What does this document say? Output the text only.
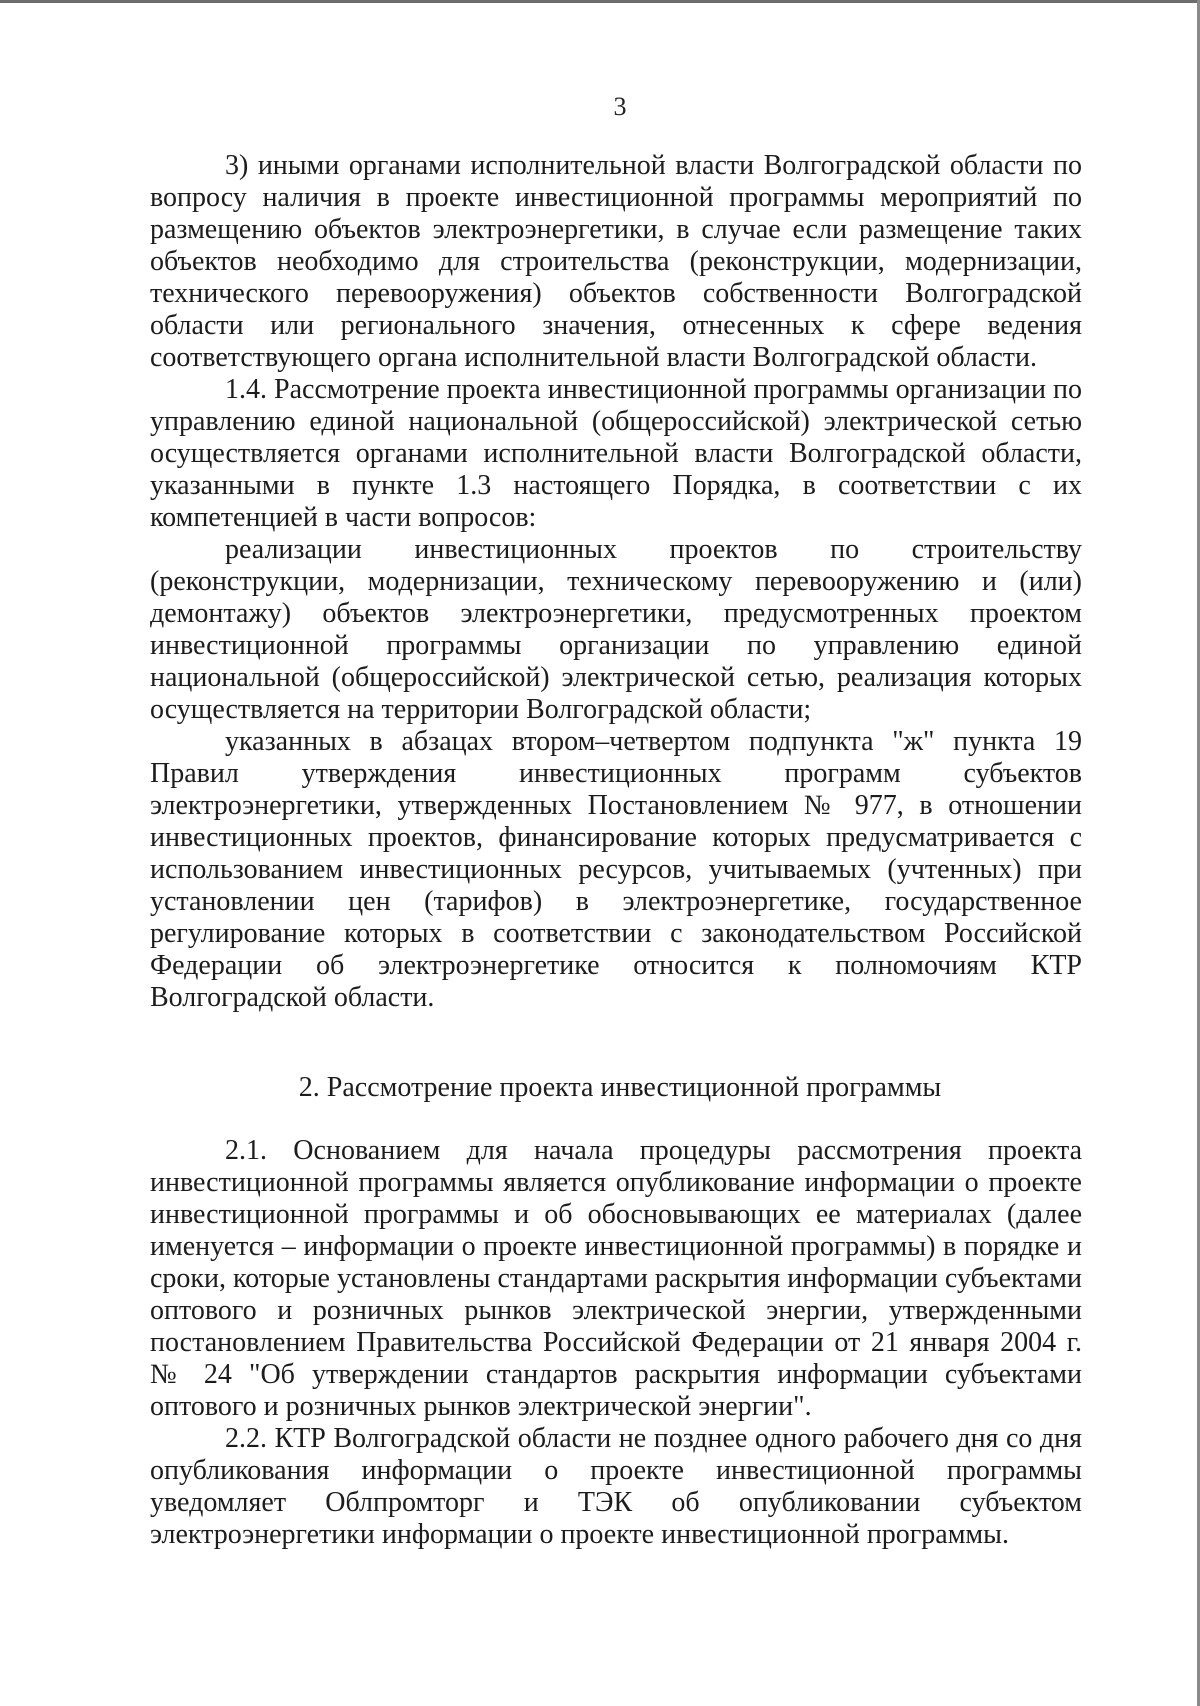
3

3) иными органами исполнительной власти Волгоградской области по вопросу наличия в проекте инвестиционной программы мероприятий по размещению объектов электроэнергетики, в случае если размещение таких объектов необходимо для строительства (реконструкции, модернизации, технического перевооружения) объектов собственности Волгоградской области или регионального значения, отнесенных к сфере ведения соответствующего органа исполнительной власти Волгоградской области.

1.4. Рассмотрение проекта инвестиционной программы организации по управлению единой национальной (общероссийской) электрической сетью осуществляется органами исполнительной власти Волгоградской области, указанными в пункте 1.3 настоящего Порядка, в соответствии с их компетенцией в части вопросов:

реализации инвестиционных проектов по строительству (реконструкции, модернизации, техническому перевооружению и (или) демонтажу) объектов электроэнергетики, предусмотренных проектом инвестиционной программы организации по управлению единой национальной (общероссийской) электрической сетью, реализация которых осуществляется на территории Волгоградской области;

указанных в абзацах втором–четвертом подпункта "ж" пункта 19 Правил утверждения инвестиционных программ субъектов электроэнергетики, утвержденных Постановлением № 977, в отношении инвестиционных проектов, финансирование которых предусматривается с использованием инвестиционных ресурсов, учитываемых (учтенных) при установлении цен (тарифов) в электроэнергетике, государственное регулирование которых в соответствии с законодательством Российской Федерации об электроэнергетике относится к полномочиям КТР Волгоградской области.

2. Рассмотрение проекта инвестиционной программы

2.1. Основанием для начала процедуры рассмотрения проекта инвестиционной программы является опубликование информации о проекте инвестиционной программы и об обосновывающих ее материалах (далее именуется – информации о проекте инвестиционной программы) в порядке и сроки, которые установлены стандартами раскрытия информации субъектами оптового и розничных рынков электрической энергии, утвержденными постановлением Правительства Российской Федерации от 21 января 2004 г. № 24 "Об утверждении стандартов раскрытия информации субъектами оптового и розничных рынков электрической энергии".

2.2. КТР Волгоградской области не позднее одного рабочего дня со дня опубликования информации о проекте инвестиционной программы уведомляет Облпромторг и ТЭК об опубликовании субъектом электроэнергетики информации о проекте инвестиционной программы.
